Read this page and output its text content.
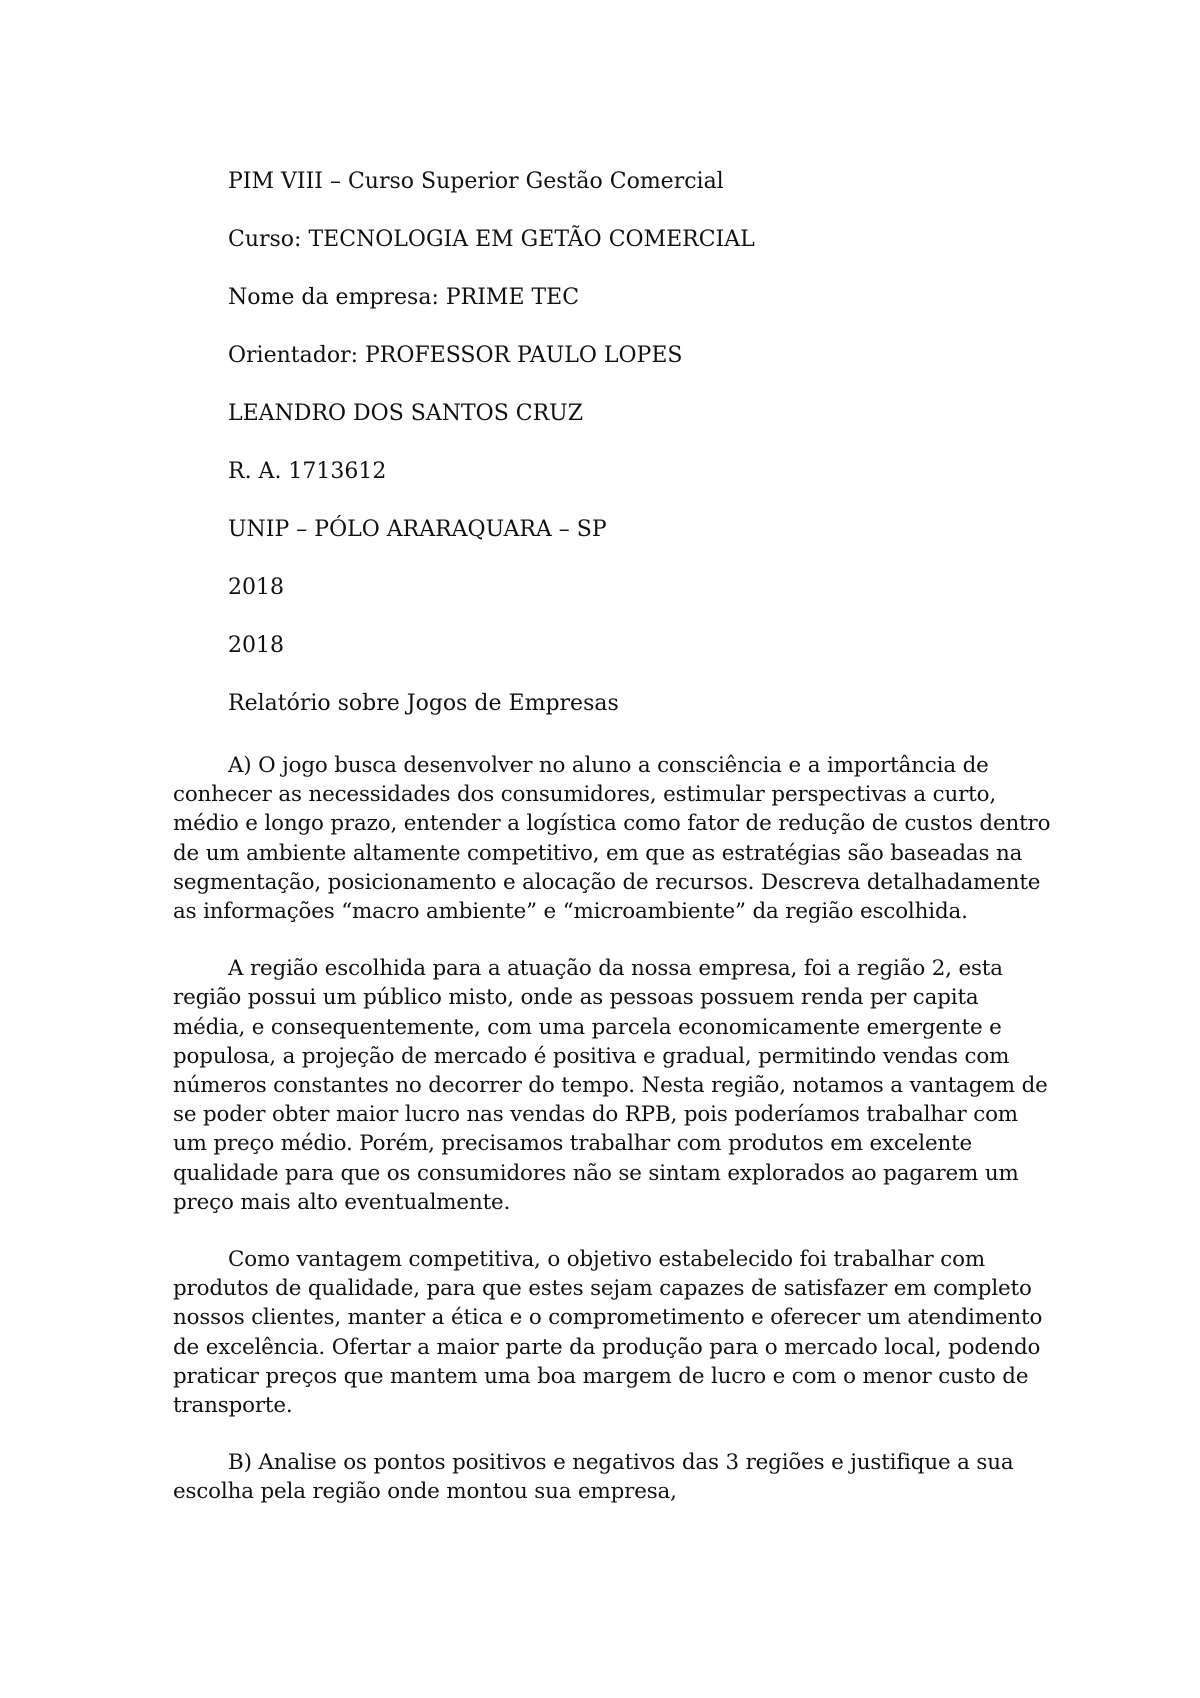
PIM VIII – Curso Superior Gestão Comercial
Curso: TECNOLOGIA EM GETÃO COMERCIAL
Nome da empresa: PRIME TEC
Orientador: PROFESSOR PAULO LOPES
LEANDRO DOS SANTOS CRUZ
R. A. 1713612
UNIP – PÓLO ARARAQUARA – SP
2018
2018
Relatório sobre Jogos de Empresas

A) O jogo busca desenvolver no aluno a consciência e a importância de conhecer as necessidades dos consumidores, estimular perspectivas a curto, médio e longo prazo, entender a logística como fator de redução de custos dentro de um ambiente altamente competitivo, em que as estratégias são baseadas na segmentação, posicionamento e alocação de recursos. Descreva detalhadamente as informações “macro ambiente” e “microambiente” da região escolhida.

A região escolhida para a atuação da nossa empresa, foi a região 2, esta região possui um público misto, onde as pessoas possuem renda per capita média, e consequentemente, com uma parcela economicamente emergente e populosa, a projeção de mercado é positiva e gradual, permitindo vendas com números constantes no decorrer do tempo. Nesta região, notamos a vantagem de se poder obter maior lucro nas vendas do RPB, pois poderíamos trabalhar com um preço médio. Porém, precisamos trabalhar com produtos em excelente qualidade para que os consumidores não se sintam explorados ao pagarem um preço mais alto eventualmente.

Como vantagem competitiva, o objetivo estabelecido foi trabalhar com produtos de qualidade, para que estes sejam capazes de satisfazer em completo nossos clientes, manter a ética e o comprometimento e oferecer um atendimento de excelência. Ofertar a maior parte da produção para o mercado local, podendo praticar preços que mantem uma boa margem de lucro e com o menor custo de transporte.

B) Analise os pontos positivos e negativos das 3 regiões e justifique a sua escolha pela região onde montou sua empresa,
